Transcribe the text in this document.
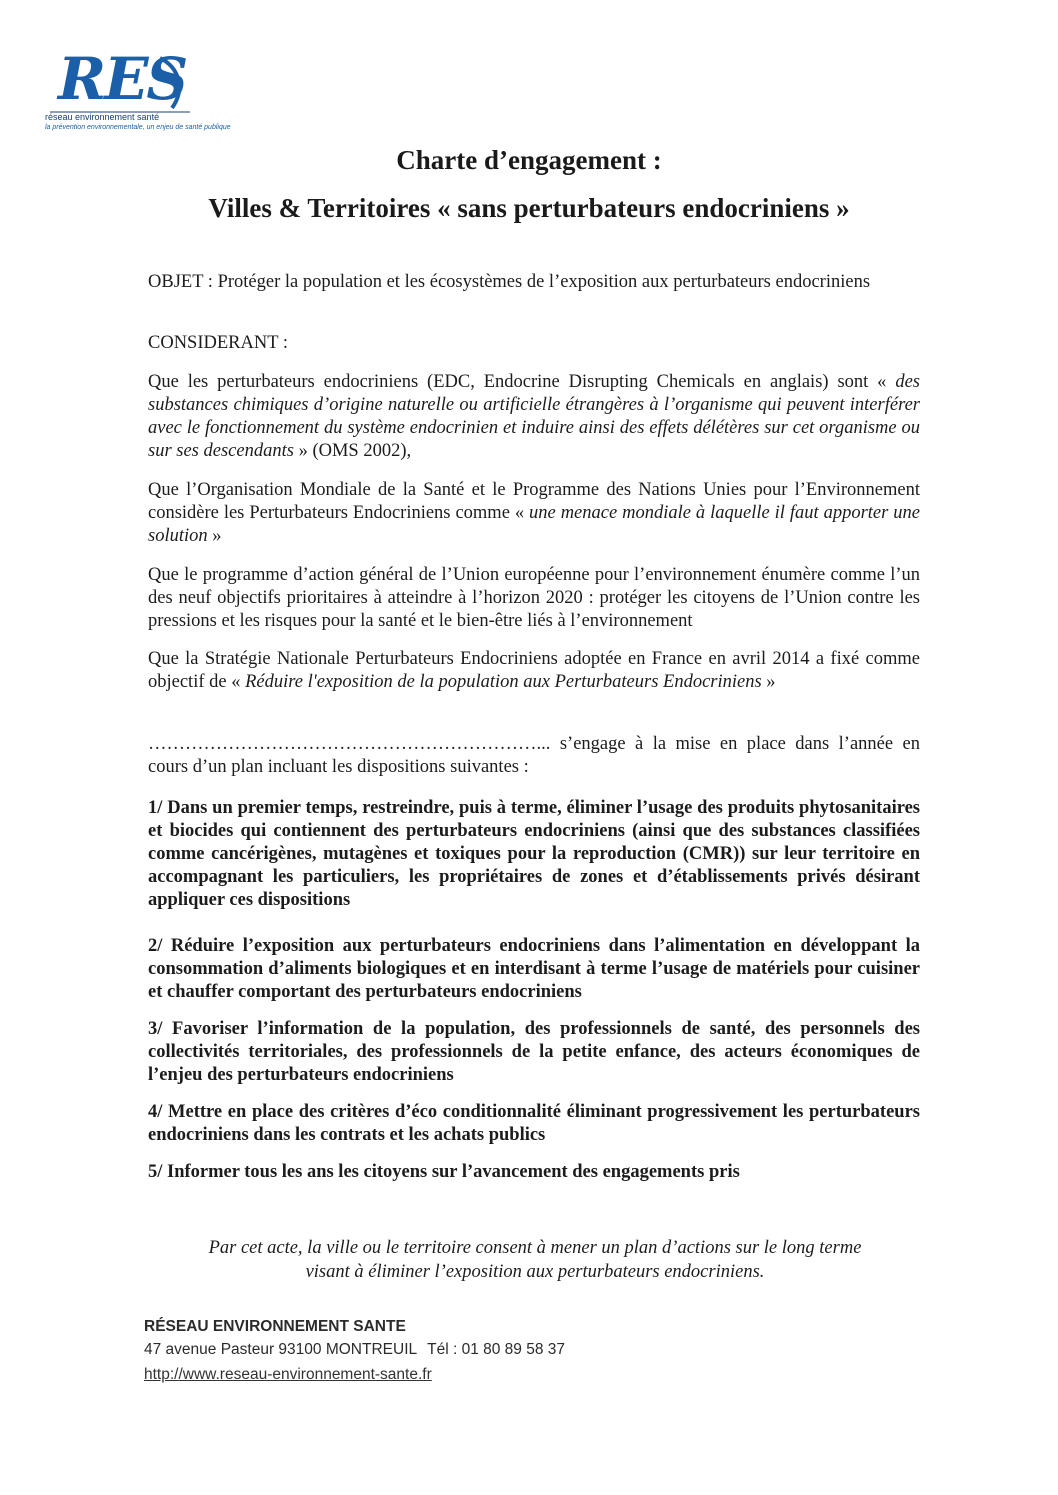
RES
réseau environnement santé
la prévention environnementale, un enjeu de santé publique
Charte d’engagement :
Villes & Territoires « sans perturbateurs endocriniens »
OBJET : Protéger la population et les écosystèmes de l’exposition aux perturbateurs endocriniens
CONSIDERANT :
Que les perturbateurs endocriniens (EDC, Endocrine Disrupting Chemicals en anglais) sont « des substances chimiques d’origine naturelle ou artificielle étrangères à l’organisme qui peuvent interférer avec le fonctionnement du système endocrinien et induire ainsi des effets délétères sur cet organisme ou sur ses descendants » (OMS 2002),
Que l’Organisation Mondiale de la Santé et le Programme des Nations Unies pour l’Environnement considère les Perturbateurs Endocriniens comme « une menace mondiale à laquelle il faut apporter une solution »
Que le programme d’action général de l’Union européenne pour l’environnement énumère comme l’un des neuf objectifs prioritaires à atteindre à l’horizon 2020 : protéger les citoyens de l’Union contre les pressions et les risques pour la santé et le bien-être liés à l’environnement
Que la Stratégie Nationale Perturbateurs Endocriniens adoptée en France en avril 2014 a fixé comme objectif de « Réduire l'exposition de la population aux Perturbateurs Endocriniens »
………………………………………………………... s’engage à la mise en place dans l’année en cours d’un plan incluant les dispositions suivantes :
1/ Dans un premier temps, restreindre, puis à terme, éliminer l’usage des produits phytosanitaires et biocides qui contiennent des perturbateurs endocriniens (ainsi que des substances classifiées comme cancérigènes, mutagènes et toxiques pour la reproduction (CMR)) sur leur territoire en accompagnant les particuliers, les propriétaires de zones et d’établissements privés désirant appliquer ces dispositions
2/ Réduire l’exposition aux perturbateurs endocriniens dans l’alimentation en développant la consommation d’aliments biologiques et en interdisant à terme l’usage de matériels pour cuisiner et chauffer comportant des perturbateurs endocriniens
3/ Favoriser l’information de la population, des professionnels de santé, des personnels des collectivités territoriales, des professionnels de la petite enfance, des acteurs économiques de l’enjeu des perturbateurs endocriniens
4/ Mettre en place des critères d’éco conditionnalité éliminant progressivement les perturbateurs endocriniens dans les contrats et les achats publics
5/ Informer tous les ans les citoyens sur l’avancement des engagements pris
Par cet acte, la ville ou le territoire consent à mener un plan d’actions sur le long terme
visant à éliminer l’exposition aux perturbateurs endocriniens.
RÉSEAU ENVIRONNEMENT SANTE
47 avenue Pasteur 93100 MONTREUIL Tél : 01 80 89 58 37
http://www.reseau-environnement-sante.fr
